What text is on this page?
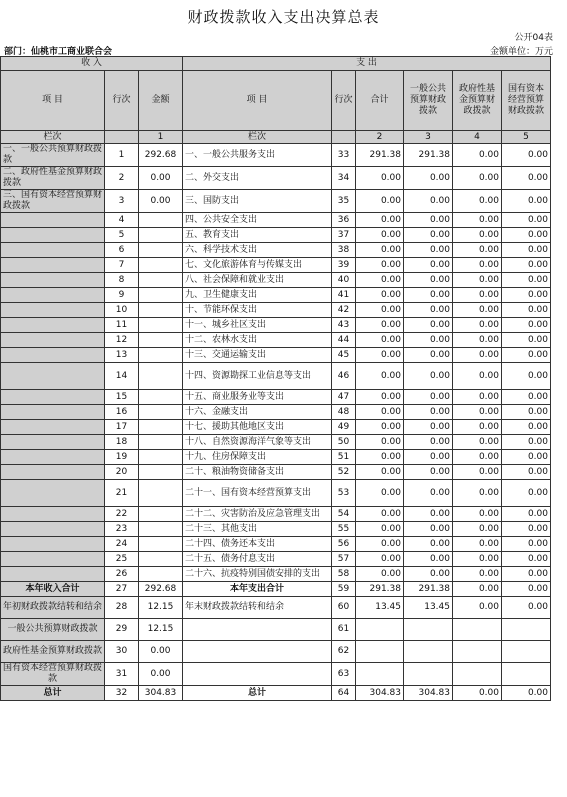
财政拨款收入支出决算总表
公开04表
部门：仙桃市工商业联合会	金额单位：万元
收 入			支 出					
项 目	行次	金额	项 目	行次	合计	一般公共预算财政拨款	政府性基金预算财政拨款	国有资本经营预算财政拨款
栏次		1	栏次		2	3	4	5
一、一般公共预算财政拨款	1	292.68	一、一般公共服务支出	33	291.38	291.38	0.00	0.00
二、政府性基金预算财政拨款	2	0.00	二、外交支出	34	0.00	0.00	0.00	0.00
三、国有资本经营预算财政拨款	3	0.00	三、国防支出	35	0.00	0.00	0.00	0.00
	4		四、公共安全支出	36	0.00	0.00	0.00	0.00
	5		五、教育支出	37	0.00	0.00	0.00	0.00
	6		六、科学技术支出	38	0.00	0.00	0.00	0.00
	7		七、文化旅游体育与传媒支出	39	0.00	0.00	0.00	0.00
	8		八、社会保障和就业支出	40	0.00	0.00	0.00	0.00
	9		九、卫生健康支出	41	0.00	0.00	0.00	0.00
	10		十、节能环保支出	42	0.00	0.00	0.00	0.00
	11		十一、城乡社区支出	43	0.00	0.00	0.00	0.00
	12		十二、农林水支出	44	0.00	0.00	0.00	0.00
	13		十三、交通运输支出	45	0.00	0.00	0.00	0.00
	14		十四、资源勘探工业信息等支出	46	0.00	0.00	0.00	0.00
	15		十五、商业服务业等支出	47	0.00	0.00	0.00	0.00
	16		十六、金融支出	48	0.00	0.00	0.00	0.00
	17		十七、援助其他地区支出	49	0.00	0.00	0.00	0.00
	18		十八、自然资源海洋气象等支出	50	0.00	0.00	0.00	0.00
	19		十九、住房保障支出	51	0.00	0.00	0.00	0.00
	20		二十、粮油物资储备支出	52	0.00	0.00	0.00	0.00
	21		二十一、国有资本经营预算支出	53	0.00	0.00	0.00	0.00
	22		二十二、灾害防治及应急管理支出	54	0.00	0.00	0.00	0.00
	23		二十三、其他支出	55	0.00	0.00	0.00	0.00
	24		二十四、债务还本支出	56	0.00	0.00	0.00	0.00
	25		二十五、债务付息支出	57	0.00	0.00	0.00	0.00
	26		二十六、抗疫特别国债安排的支出	58	0.00	0.00	0.00	0.00
本年收入合计	27	292.68	本年支出合计	59	291.38	291.38	0.00	0.00
年初财政拨款结转和结余	28	12.15	年末财政拨款结转和结余	60	13.45	13.45	0.00	0.00
一般公共预算财政拨款	29	12.15		61				
政府性基金预算财政拨款	30	0.00		62				
国有资本经营预算财政拨款	31	0.00		63				
总计	32	304.83	总计	64	304.83	304.83	0.00	0.00
